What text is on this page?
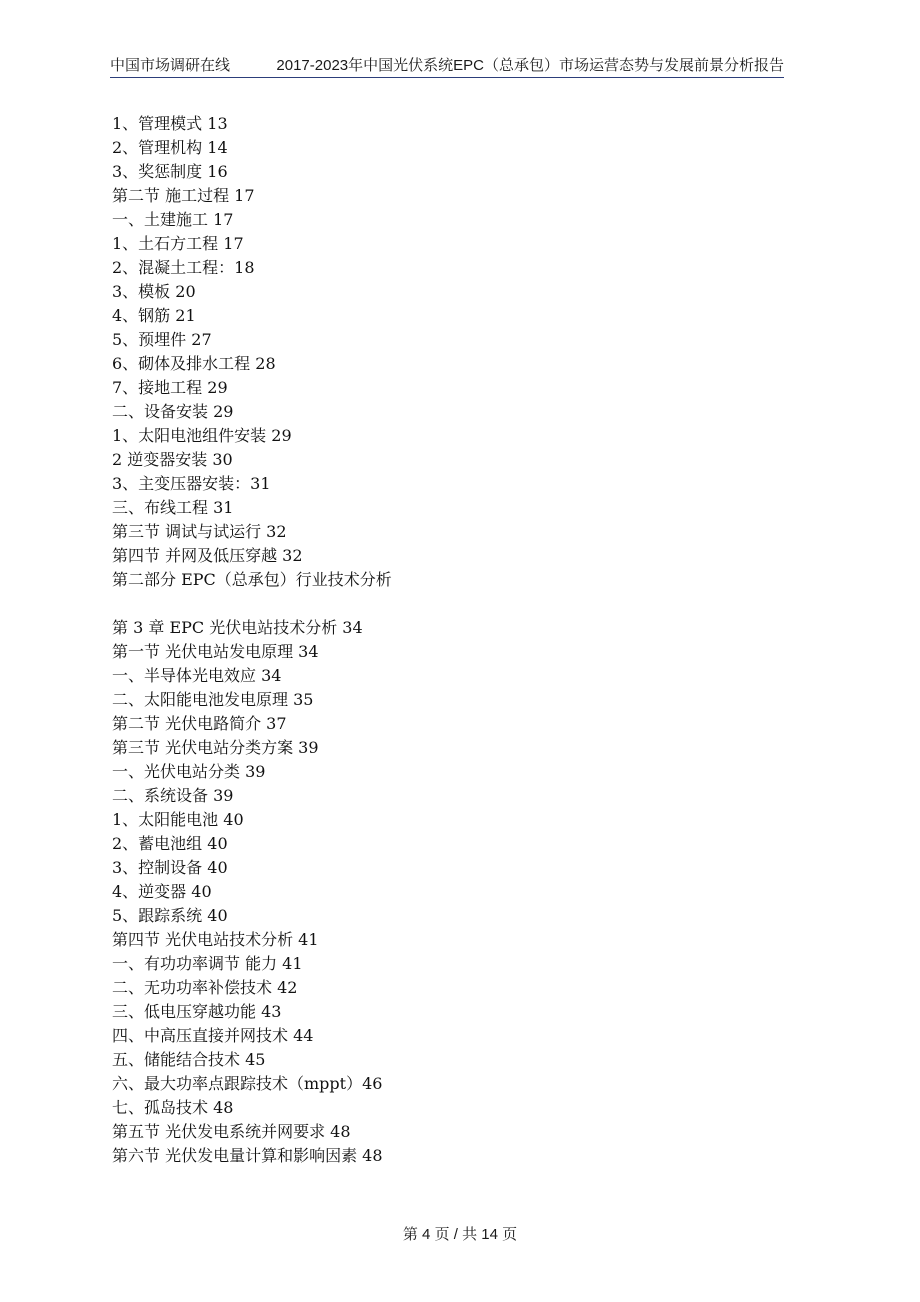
中国市场调研在线	2017-2023年中国光伏系统EPC（总承包）市场运营态势与发展前景分析报告
1、管理模式 13
2、管理机构 14
3、奖惩制度 16
第二节 施工过程 17
一、土建施工 17
1、土石方工程 17
2、混凝土工程：18
3、模板 20
4、钢筋 21
5、预埋件 27
6、砌体及排水工程 28
7、接地工程 29
二、设备安装 29
1、太阳电池组件安装 29
2 逆变器安装 30
3、主变压器安装：31
三、布线工程 31
第三节 调试与试运行 32
第四节 并网及低压穿越 32
第二部分 EPC（总承包）行业技术分析
第 3 章 EPC 光伏电站技术分析 34
第一节 光伏电站发电原理 34
一、半导体光电效应 34
二、太阳能电池发电原理 35
第二节 光伏电路简介 37
第三节 光伏电站分类方案 39
一、光伏电站分类 39
二、系统设备 39
1、太阳能电池 40
2、蓄电池组 40
3、控制设备 40
4、逆变器 40
5、跟踪系统 40
第四节 光伏电站技术分析 41
一、有功功率调节 能力 41
二、无功功率补偿技术 42
三、低电压穿越功能 43
四、中高压直接并网技术 44
五、储能结合技术 45
六、最大功率点跟踪技术（mppt）46
七、孤岛技术 48
第五节 光伏发电系统并网要求 48
第六节 光伏发电量计算和影响因素 48
第 4 页 / 共 14 页
